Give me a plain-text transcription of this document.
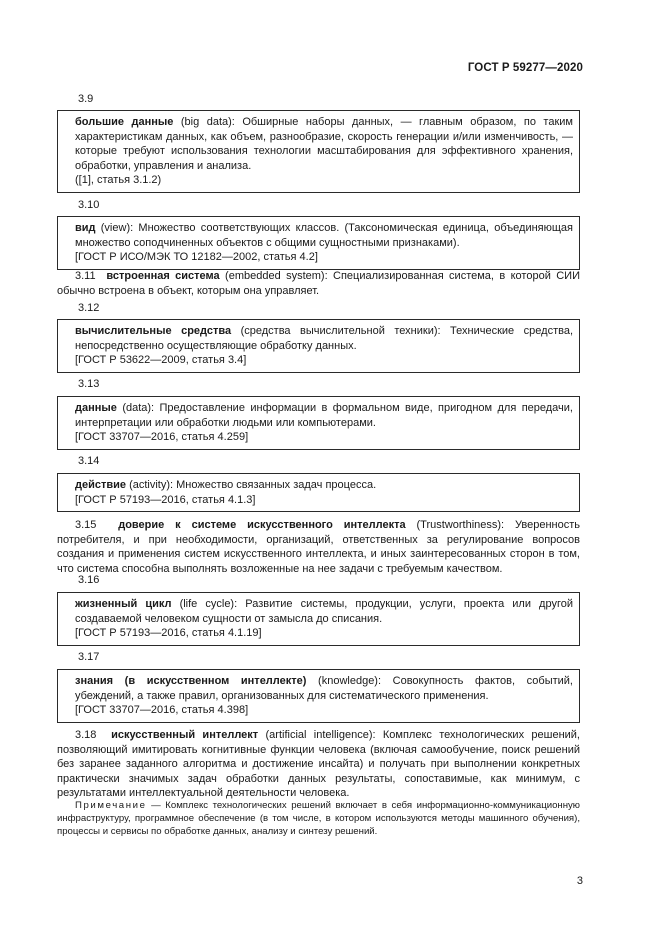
ГОСТ Р 59277—2020
3.9

большие данные (big data): Обширные наборы данных, — главным образом, по таким характеристикам данных, как объем, разнообразие, скорость генерации и/или изменчивость, — которые требуют использования технологии масштабирования для эффективного хранения, обработки, управления и анализа.

([1], статья 3.1.2)

3.10

вид (view): Множество соответствующих классов. (Таксономическая единица, объединяющая множество соподчиненных объектов с общими сущностными признаками).

[ГОСТ Р ИСО/МЭК ТО 12182—2002, статья 4.2]

3.11 встроенная система (embedded system): Специализированная система, в которой СИИ обычно встроена в объект, которым она управляет.

3.12

вычислительные средства (средства вычислительной техники): Технические средства, непосредственно осуществляющие обработку данных.

[ГОСТ Р 53622—2009, статья 3.4]

3.13

данные (data): Предоставление информации в формальном виде, пригодном для передачи, интерпретации или обработки людьми или компьютерами.

[ГОСТ 33707—2016, статья 4.259]

3.14

действие (activity): Множество связанных задач процесса.

[ГОСТ Р 57193—2016, статья 4.1.3]

3.15 доверие к системе искусственного интеллекта (Trustworthiness): Уверенность потребителя, и при необходимости, организаций, ответственных за регулирование вопросов создания и применения систем искусственного интеллекта, и иных заинтересованных сторон в том, что система способна выполнять возложенные на нее задачи с требуемым качеством.

3.16

жизненный цикл (life cycle): Развитие системы, продукции, услуги, проекта или другой создаваемой человеком сущности от замысла до списания.

[ГОСТ Р 57193—2016, статья 4.1.19]

3.17

знания (в искусственном интеллекте) (knowledge): Совокупность фактов, событий, убеждений, а также правил, организованных для систематического применения.

[ГОСТ 33707—2016, статья 4.398]

3.18 искусственный интеллект (artificial intelligence): Комплекс технологических решений, позволяющий имитировать когнитивные функции человека (включая самообучение, поиск решений без заранее заданного алгоритма и достижение инсайта) и получать при выполнении конкретных практически значимых задач обработки данных результаты, сопоставимые, как минимум, с результатами интеллектуальной деятельности человека.

Примечание — Комплекс технологических решений включает в себя информационно-коммуникационную инфраструктуру, программное обеспечение (в том числе, в котором используются методы машинного обучения), процессы и сервисы по обработке данных, анализу и синтезу решений.

3
